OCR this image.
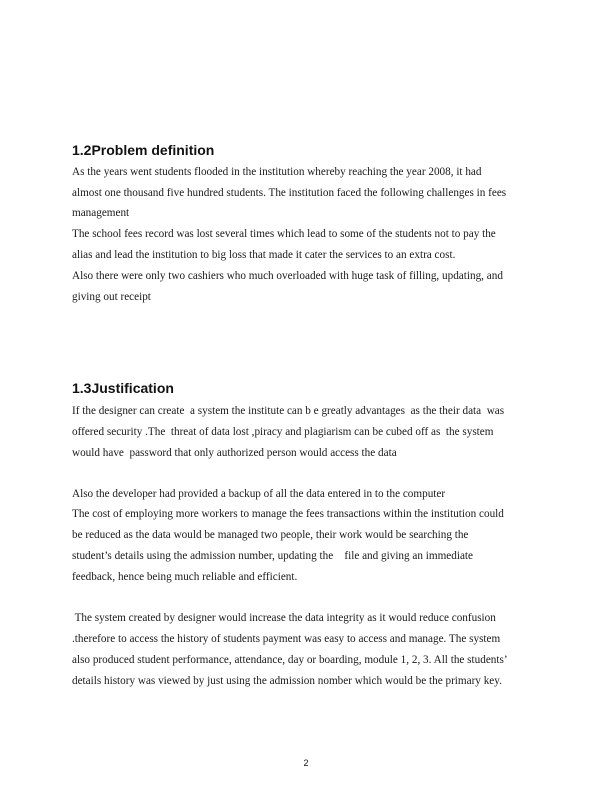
1.2Problem definition
As the years went students flooded in the institution whereby reaching the year 2008, it had
almost one thousand five hundred students. The institution faced the following challenges in fees
management
The school fees record was lost several times which lead to some of the students not to pay the
alias and lead the institution to big loss that made it cater the services to an extra cost.
Also there were only two cashiers who much overloaded with huge task of filling, updating, and
giving out receipt
1.3Justification
If the designer can create  a system the institute can b e greatly advantages  as the their data  was
offered security .The  threat of data lost ,piracy and plagiarism can be cubed off as  the system
would have  password that only authorized person would access the data
Also the developer had provided a backup of all the data entered in to the computer
The cost of employing more workers to manage the fees transactions within the institution could
be reduced as the data would be managed two people, their work would be searching the
student’s details using the admission number, updating the    file and giving an immediate
feedback, hence being much reliable and efficient.
The system created by designer would increase the data integrity as it would reduce confusion
.therefore to access the history of students payment was easy to access and manage. The system
also produced student performance, attendance, day or boarding, module 1, 2, 3. All the students’
details history was viewed by just using the admission nomber which would be the primary key.
2
